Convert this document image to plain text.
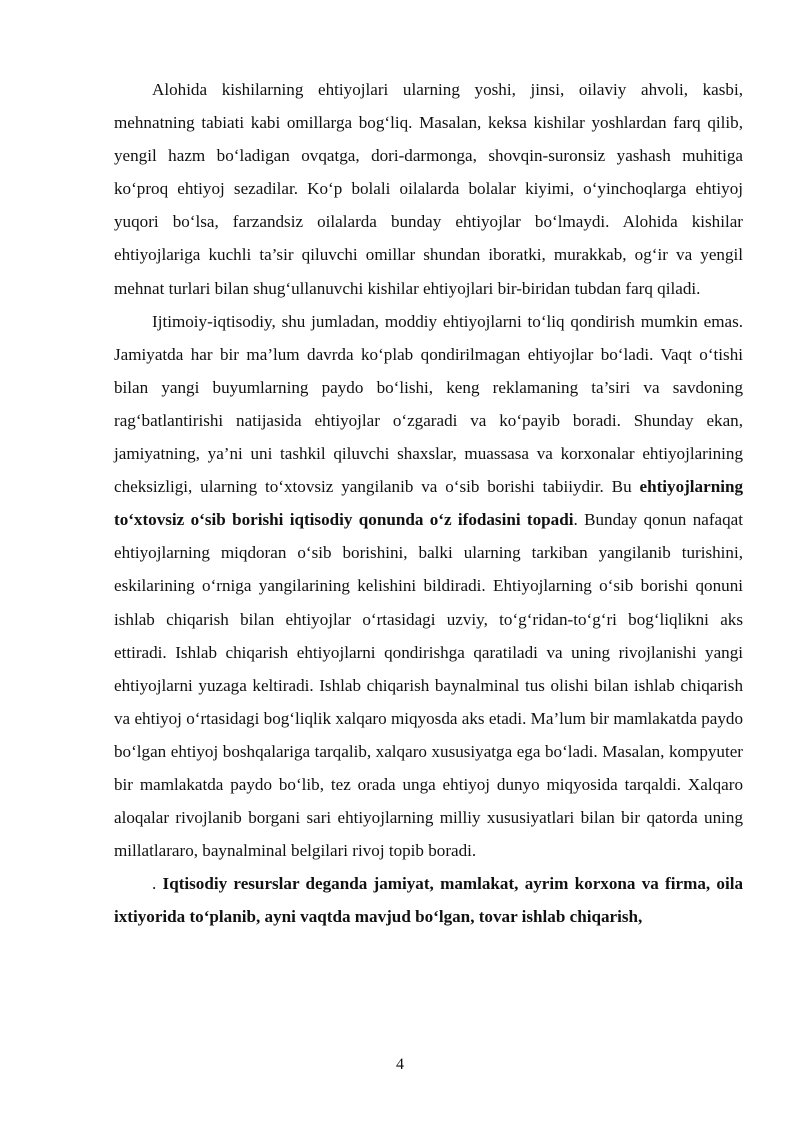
Alohida kishilarning ehtiyojlari ularning yoshi, jinsi, oilaviy ahvoli, kasbi, mehnatning tabiati kabi omillarga bog‘liq. Masalan, keksa kishilar yoshlardan farq qilib, yengil hazm bo‘ladigan ovqatga, dori-darmonga, shovqin-suronsiz yashash muhitiga ko‘proq ehtiyoj sezadilar. Ko‘p bolali oilalarda bolalar kiyimi, o‘yinchoqlarga ehtiyoj yuqori bo‘lsa, farzandsiz oilalarda bunday ehtiyojlar bo‘lmaydi. Alohida kishilar ehtiyojlariga kuchli ta’sir qiluvchi omillar shundan iboratki, murakkab, og‘ir va yengil mehnat turlari bilan shug‘ullanuvchi kishilar ehtiyojlari bir-biridan tubdan farq qiladi.

Ijtimoiy-iqtisodiy, shu jumladan, moddiy ehtiyojlarni to‘liq qondirish mumkin emas. Jamiyatda har bir ma’lum davrda ko‘plab qondirilmagan ehtiyojlar bo‘ladi. Vaqt o‘tishi bilan yangi buyumlarning paydo bo‘lishi, keng reklamaning ta’siri va savdoning rag‘batlantirishi natijasida ehtiyojlar o‘zgaradi va ko‘payib boradi. Shunday ekan, jamiyatning, ya’ni uni tashkil qiluvchi shaxslar, muassasa va korxonalar ehtiyojlarining cheksizligi, ularning to‘xtovsiz yangilanib va o‘sib borishi tabiiydir. Bu ehtiyojlarning to‘xtovsiz o‘sib borishi iqtisodiy qonunda o‘z ifodasini topadi. Bunday qonun nafaqat ehtiyojlarning miqdoran o‘sib borishini, balki ularning tarkiban yangilanib turishini, eskilarining o‘rniga yangilarining kelishini bildiradi. Ehtiyojlarning o‘sib borishi qonuni ishlab chiqarish bilan ehtiyojlar o‘rtasidagi uzviy, to‘g‘ridan-to‘g‘ri bog‘liqlikni aks ettiradi. Ishlab chiqarish ehtiyojlarni qondirishga qaratiladi va uning rivojlanishi yangi ehtiyojlarni yuzaga keltiradi. Ishlab chiqarish baynalminal tus olishi bilan ishlab chiqarish va ehtiyoj o‘rtasidagi bog‘liqlik xalqaro miqyosda aks etadi. Ma’lum bir mamlakatda paydo bo‘lgan ehtiyoj boshqalariga tarqalib, xalqaro xususiyatga ega bo‘ladi. Masalan, kompyuter bir mamlakatda paydo bo‘lib, tez orada unga ehtiyoj dunyo miqyosida tarqaldi. Xalqaro aloqalar rivojlanib borgani sari ehtiyojlarning milliy xususiyatlari bilan bir qatorda uning millatlararo, baynalminal belgilari rivoj topib boradi.

. Iqtisodiy resurslar deganda jamiyat, mamlakat, ayrim korxona va firma, oila ixtiyorida to‘planib, ayni vaqtda mavjud bo‘lgan, tovar ishlab chiqarish,

4
